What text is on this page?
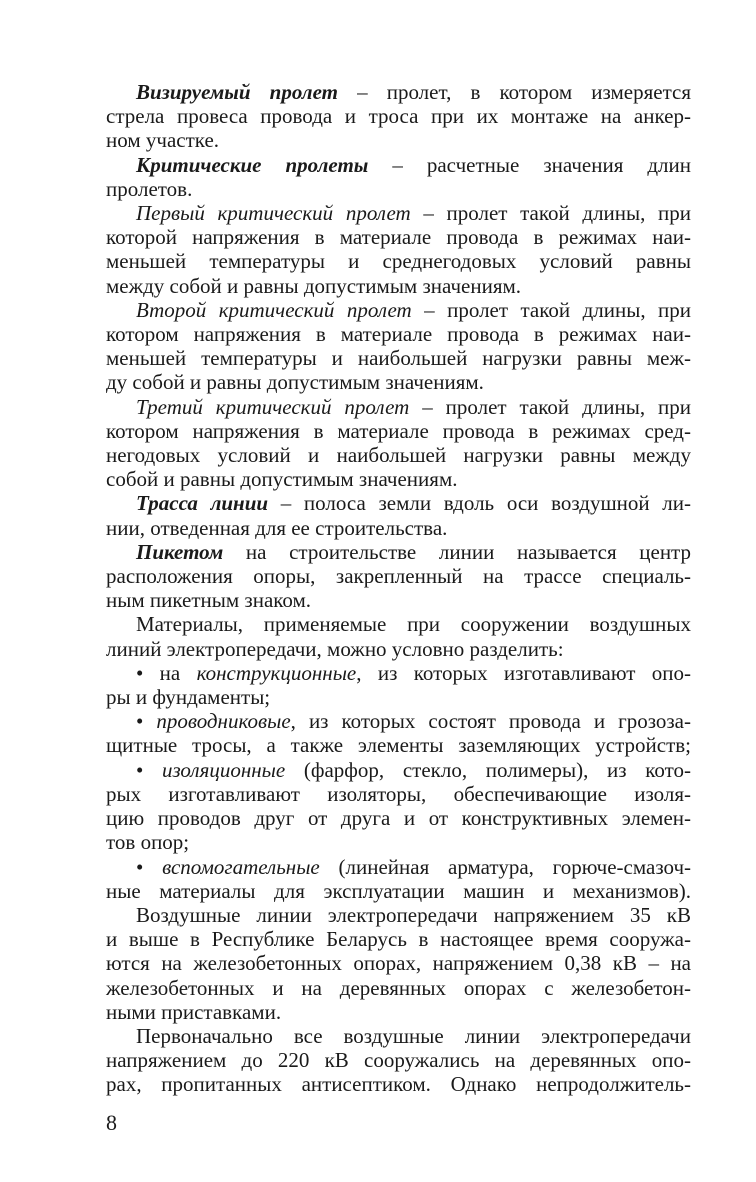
Визируемый пролет – пролет, в котором измеряется
стрела провеса провода и троса при их монтаже на анкер-
ном участке.
Критические пролеты – расчетные значения длин
пролетов.
Первый критический пролет – пролет такой длины, при
которой напряжения в материале провода в режимах наи-
меньшей температуры и среднегодовых условий равны
между собой и равны допустимым значениям.
Второй критический пролет – пролет такой длины, при
котором напряжения в материале провода в режимах наи-
меньшей температуры и наибольшей нагрузки равны меж-
ду собой и равны допустимым значениям.
Третий критический пролет – пролет такой длины, при
котором напряжения в материале провода в режимах сред-
негодовых условий и наибольшей нагрузки равны между
собой и равны допустимым значениям.
Трасса линии – полоса земли вдоль оси воздушной ли-
нии, отведенная для ее строительства.
Пикетом на строительстве линии называется центр
расположения опоры, закрепленный на трассе специаль-
ным пикетным знаком.
Материалы, применяемые при сооружении воздушных
линий электропередачи, можно условно разделить:
• на конструкционные, из которых изготавливают опо-
ры и фундаменты;
• проводниковые, из которых состоят провода и грозоза-
щитные тросы, а также элементы заземляющих устройств;
• изоляционные (фарфор, стекло, полимеры), из кото-
рых изготавливают изоляторы, обеспечивающие изоля-
цию проводов друг от друга и от конструктивных элемен-
тов опор;
• вспомогательные (линейная арматура, горюче-смазоч-
ные материалы для эксплуатации машин и механизмов).
Воздушные линии электропередачи напряжением 35 кВ
и выше в Республике Беларусь в настоящее время сооружа-
ются на железобетонных опорах, напряжением 0,38 кВ – на
железобетонных и на деревянных опорах с железобетон-
ными приставками.
Первоначально все воздушные линии электропередачи
напряжением до 220 кВ сооружались на деревянных опо-
рах, пропитанных антисептиком. Однако непродолжитель-
8
